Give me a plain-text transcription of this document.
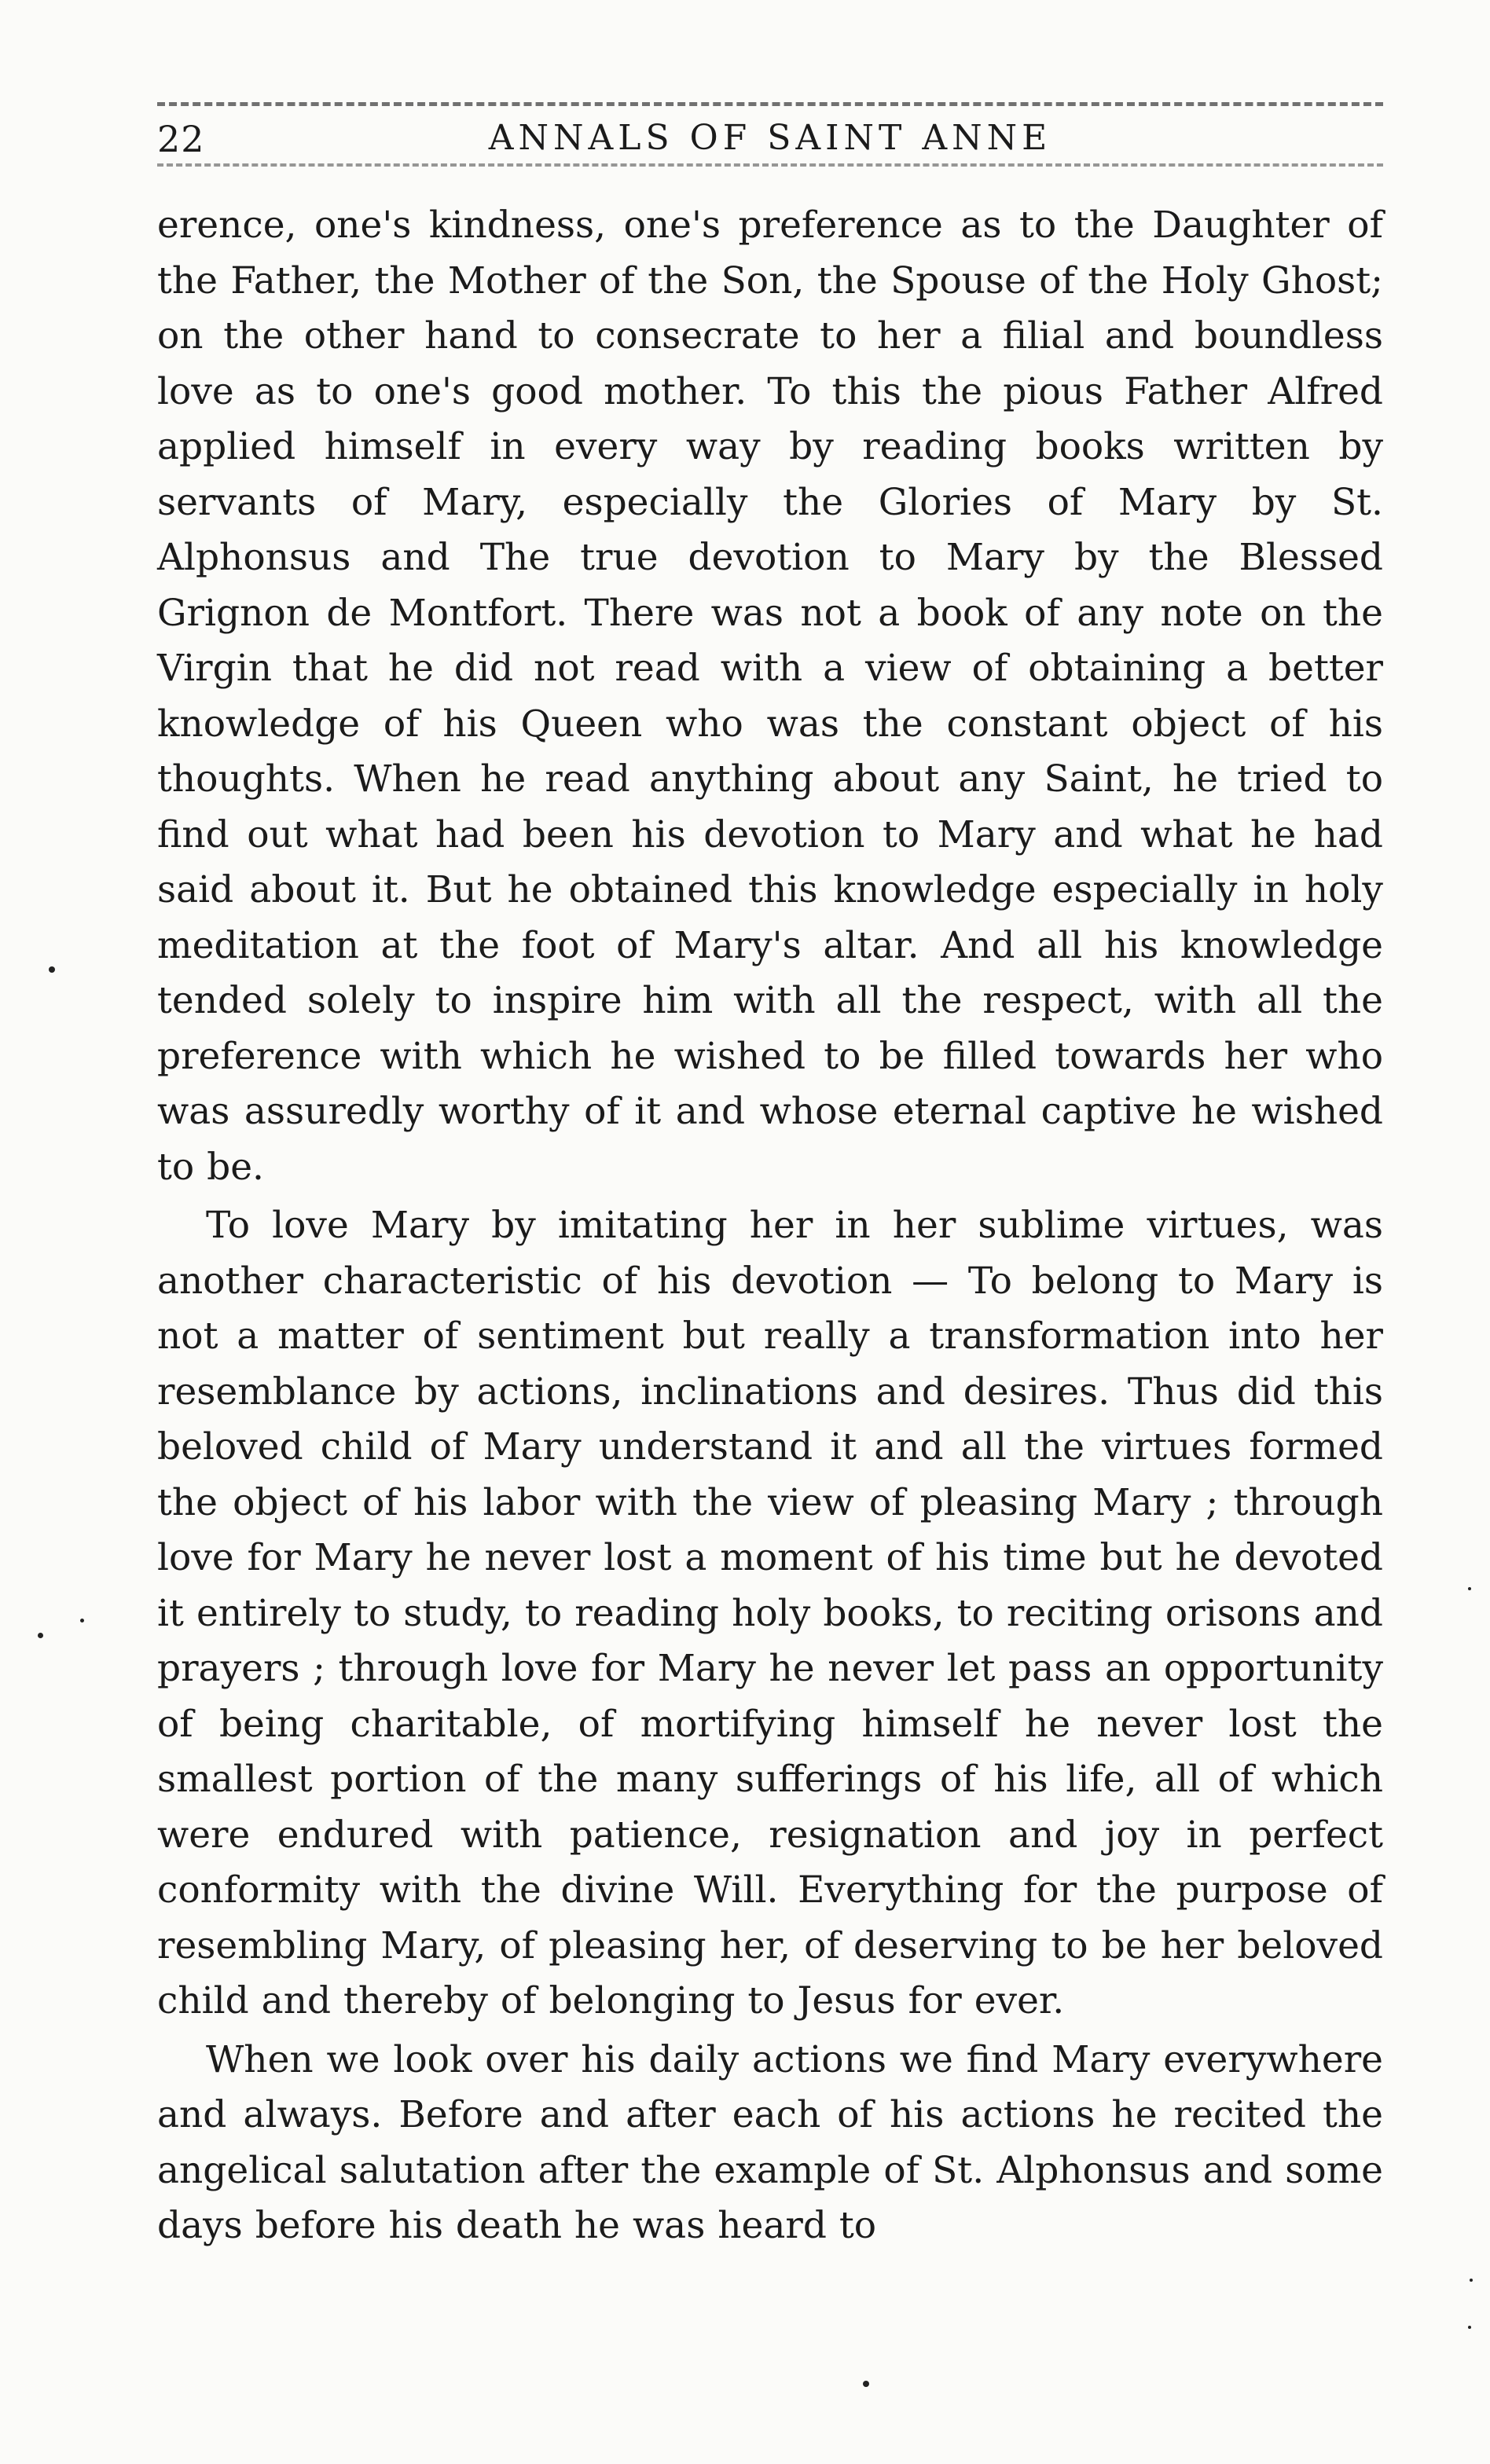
22	ANNALS OF SAINT ANNE

erence, one's kindness, one's preference as to the Daughter of the Father, the Mother of the Son, the Spouse of the Holy Ghost; on the other hand to consecrate to her a filial and boundless love as to one's good mother. To this the pious Father Alfred applied himself in every way by reading books written by servants of Mary, especially the Glories of Mary by St. Alphonsus and The true devotion to Mary by the Blessed Grignon de Montfort. There was not a book of any note on the Virgin that he did not read with a view of obtaining a better knowledge of his Queen who was the constant object of his thoughts. When he read anything about any Saint, he tried to find out what had been his devotion to Mary and what he had said about it. But he obtained this knowledge especially in holy meditation at the foot of Mary's altar. And all his knowledge tended solely to inspire him with all the respect, with all the preference with which he wished to be filled towards her who was assuredly worthy of it and whose eternal captive he wished to be.

To love Mary by imitating her in her sublime virtues, was another characteristic of his devotion — To belong to Mary is not a matter of sentiment but really a transformation into her resemblance by actions, inclinations and desires. Thus did this beloved child of Mary understand it and all the virtues formed the object of his labor with the view of pleasing Mary ; through love for Mary he never lost a moment of his time but he devoted it entirely to study, to reading holy books, to reciting orisons and prayers ; through love for Mary he never let pass an opportunity of being charitable, of mortifying himself he never lost the smallest portion of the many sufferings of his life, all of which were endured with patience, resignation and joy in perfect conformity with the divine Will. Everything for the purpose of resembling Mary, of pleasing her, of deserving to be her beloved child and thereby of belonging to Jesus for ever.

When we look over his daily actions we find Mary everywhere and always. Before and after each of his actions he recited the angelical salutation after the example of St. Alphonsus and some days before his death he was heard to
